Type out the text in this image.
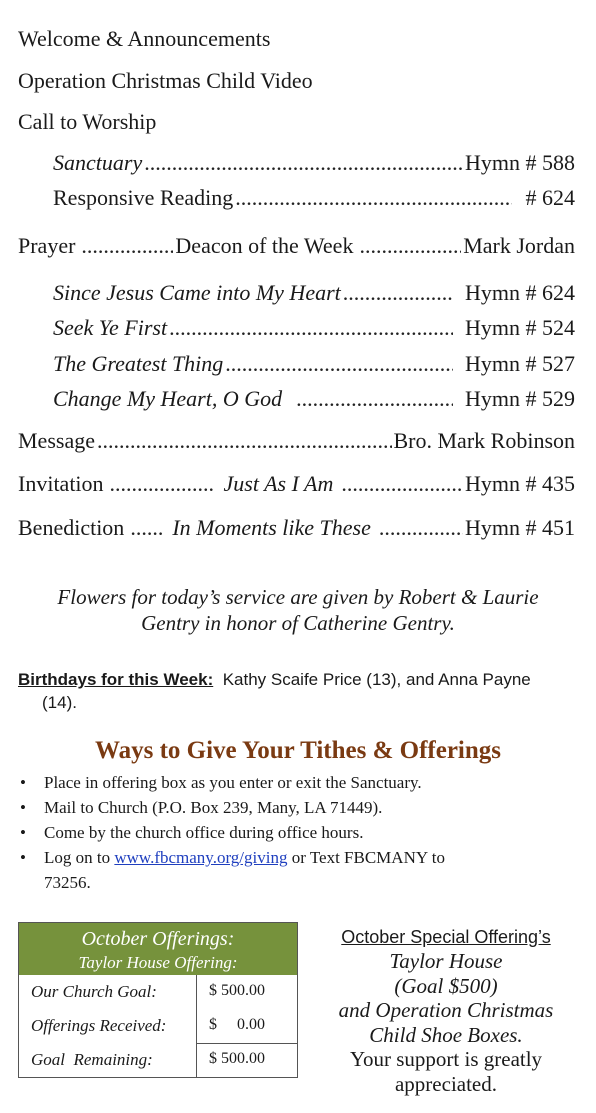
Welcome & Announcements
Operation Christmas Child Video
Call to Worship
Sanctuary .....	Hymn # 588
Responsive Reading .....	# 624
Prayer .....	Deacon of the Week .....	Mark Jordan
Since Jesus Came into My Heart .....	Hymn # 624
Seek Ye First .....	Hymn # 524
The Greatest Thing .....	Hymn # 527
Change My Heart, O God .....	Hymn # 529
Message .....	Bro. Mark Robinson
Invitation .....	Just As I Am .....	Hymn # 435
Benediction ..... In Moments like These .....	Hymn # 451
Flowers for today’s service are given by Robert & Laurie
Gentry in honor of Catherine Gentry.
Birthdays for this Week: Kathy Scaife Price (13), and Anna Payne
(14).
Ways to Give Your Tithes & Offerings
• Place in offering box as you enter or exit the Sanctuary.
• Mail to Church (P.O. Box 239, Many, LA 71449).
• Come by the church office during office hours.
• Log on to www.fbcmany.org/giving or Text FBCMANY to
73256.
October Offerings:
Taylor House Offering:
Our Church Goal:	$ 500.00
Offerings Received:	$     0.00
Goal  Remaining:	$ 500.00
October Special Offering’s
Taylor House
(Goal $500)
and Operation Christmas
Child Shoe Boxes.
Your support is greatly
appreciated.
